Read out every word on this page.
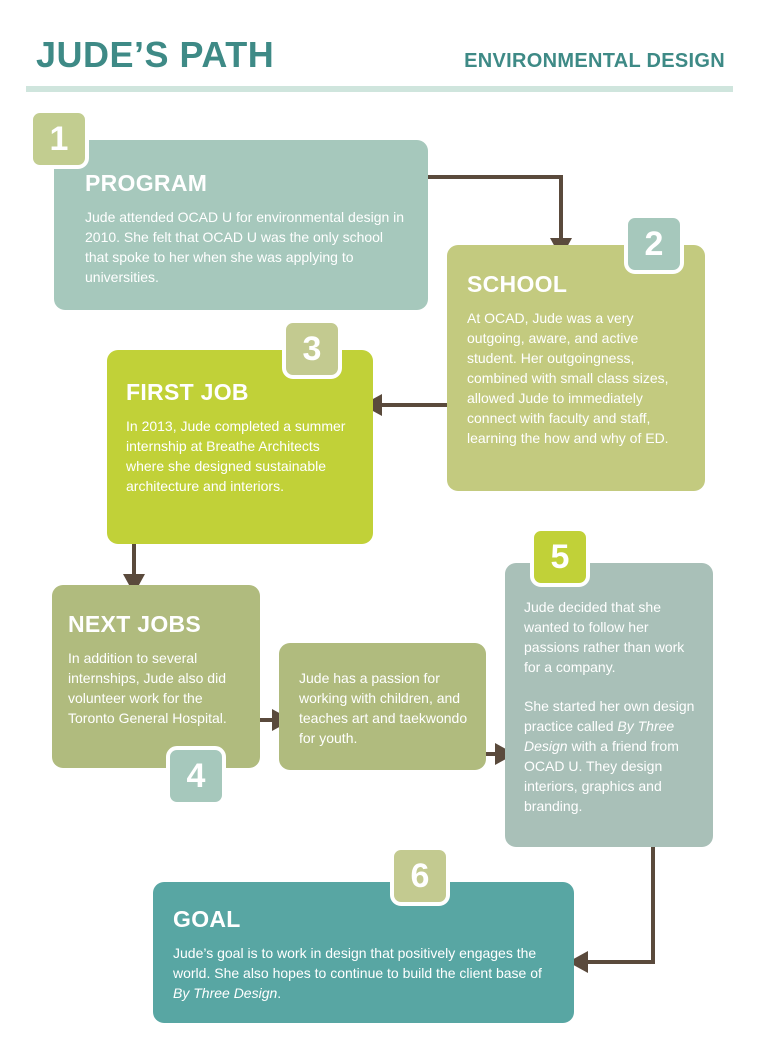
JUDE’S PATH	ENVIRONMENTAL DESIGN
PROGRAM

Jude attended OCAD U for environmental design in 2010. She felt that OCAD U was the only school that spoke to her when she was applying to universities.

1
SCHOOL

At OCAD, Jude was a very outgoing, aware, and active student. Her outgoingness, combined with small class sizes, allowed Jude to immediately connect with faculty and staff, learning the how and why of ED.

2
FIRST JOB

In 2013, Jude completed a summer internship at Breathe Architects where she designed sustainable architecture and interiors.

3
NEXT JOBS

In addition to several internships, Jude also did volunteer work for the Toronto General Hospital.

4

Jude has a passion for working with children, and teaches art and taekwondo for youth.

Jude decided that she wanted to follow her passions rather than work for a company.

She started her own design practice called By Three Design with a friend from OCAD U. They design interiors, graphics and branding.

5
GOAL

Jude’s goal is to work in design that positively engages the world. She also hopes to continue to build the client base of By Three Design.

6
